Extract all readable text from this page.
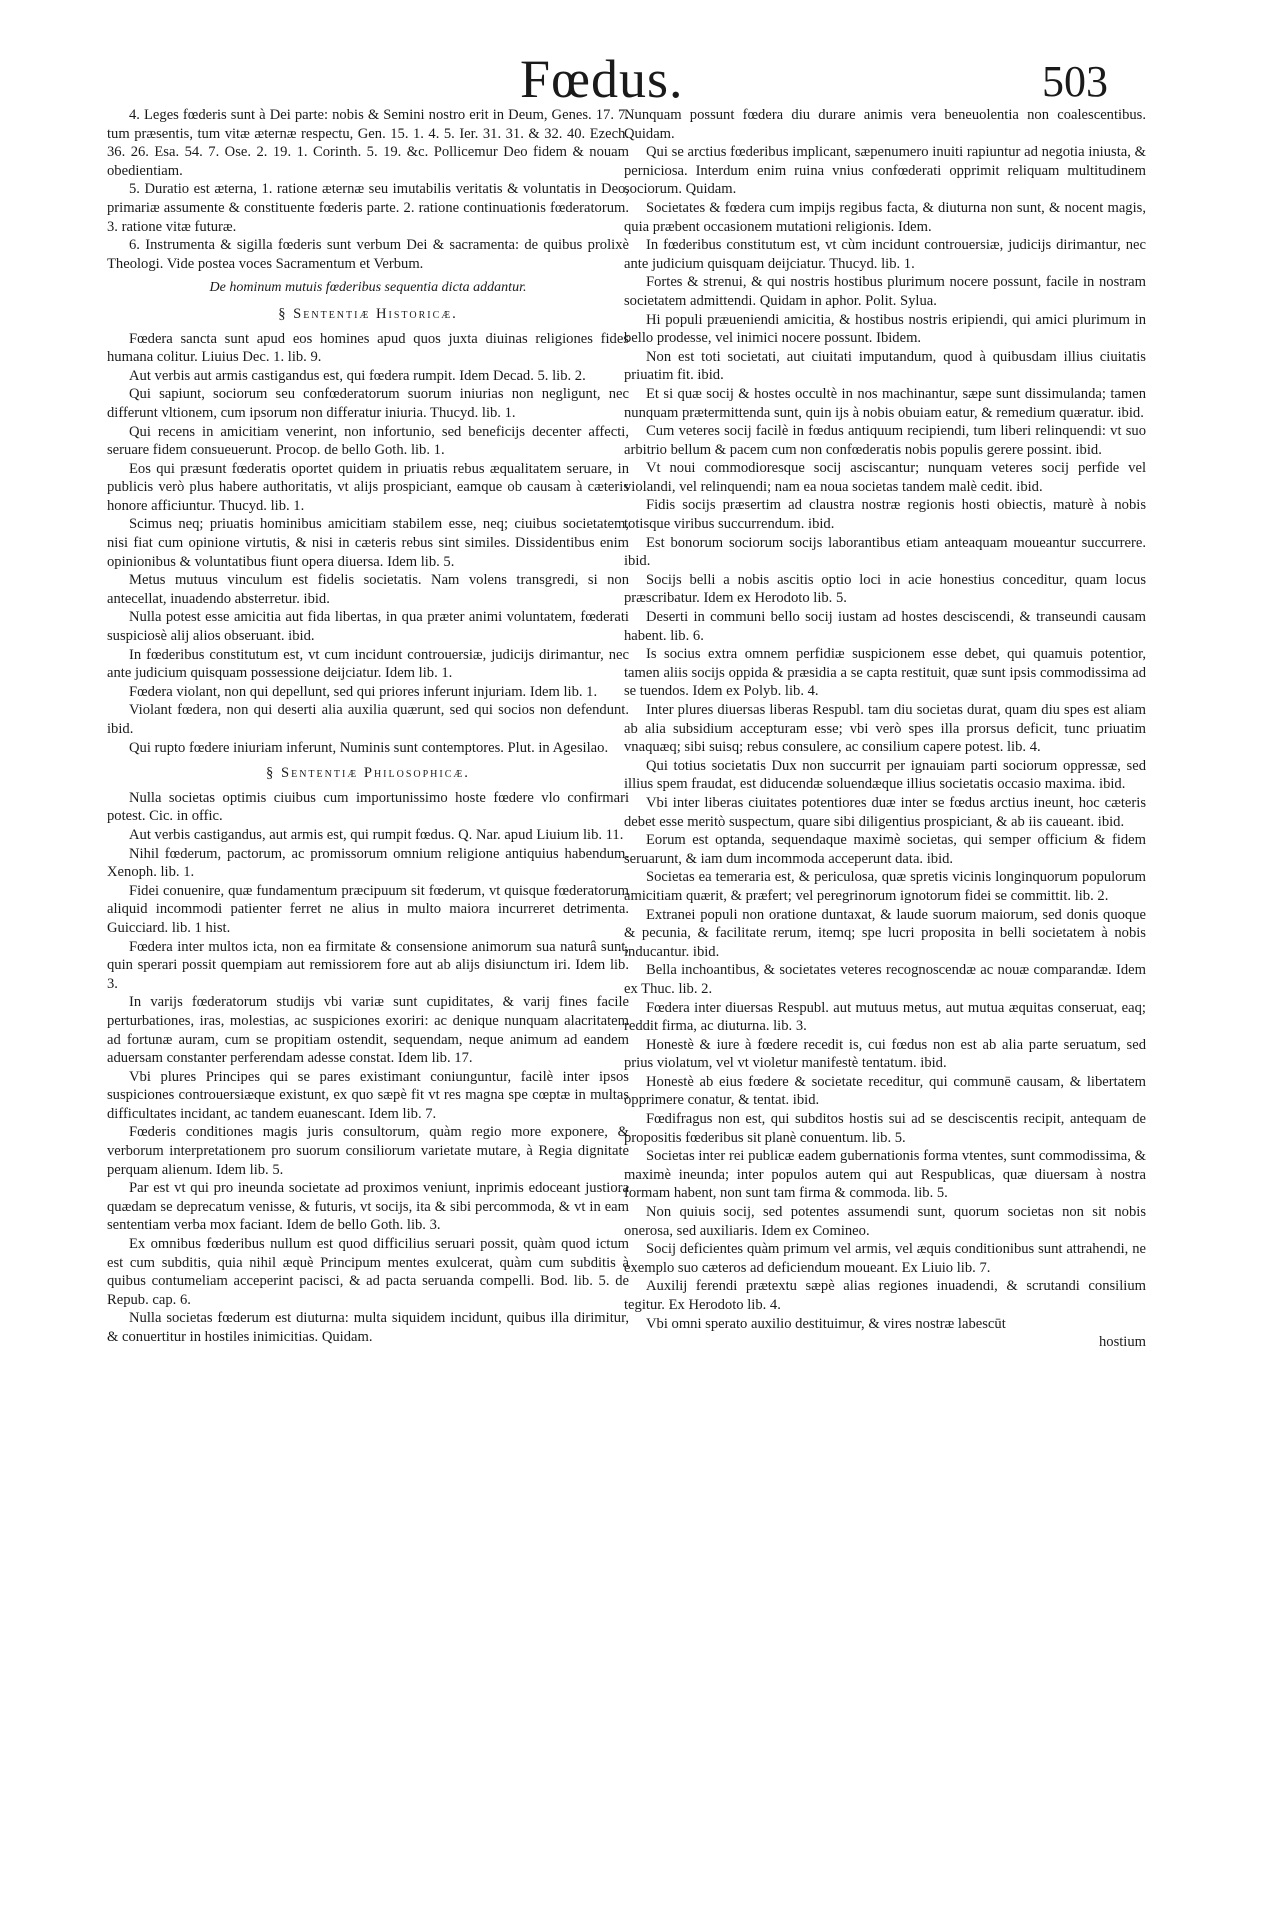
Fœdus.	503

4. Leges fœderis sunt à Dei parte: nobis & Semini nostro erit in Deum, Genes. 17. 7. tum præsentis, tum vitæ æternæ respectu, Gen. 15. 1. 4. 5. Ier. 31. 31. & 32. 40. Ezech. 36. 26. Esa. 54. 7. Ose. 2. 19. 1. Corinth. 5. 19. &c. Pollicemur Deo fidem & nouam obedientiam.

5. Duratio est æterna, 1. ratione æternæ seu imutabilis veritatis & voluntatis in Deo, primariæ assumente & constituente fœderis parte. 2. ratione continuationis fœderatorum. 3. ratione vitæ futuræ.

6. Instrumenta & sigilla fœderis sunt verbum Dei & sacramenta: de quibus prolixè Theologi. Vide postea voces Sacramentum et Verbum.

De hominum mutuis fœderibus sequentia dicta addantur.
§ Sententiæ Historicæ.

Fœdera sancta sunt apud eos homines apud quos juxta diuinas religiones fides humana colitur. Liuius Dec. 1. lib. 9.

Aut verbis aut armis castigandus est, qui fœdera rumpit. Idem Decad. 5. lib. 2.

Qui sapiunt, sociorum seu confœderatorum suorum iniurias non negligunt, nec differunt vltionem, cum ipsorum non differatur iniuria. Thucyd. lib. 1.

Qui recens in amicitiam venerint, non infortunio, sed beneficijs decenter affecti, seruare fidem consueuerunt. Procop. de bello Goth. lib. 1.

Eos qui præsunt fœderatis oportet quidem in priuatis rebus æqualitatem seruare, in publicis verò plus habere authoritatis, vt alijs prospiciant, eamque ob causam à cæteris honore afficiuntur. Thucyd. lib. 1.

Scimus neq; priuatis hominibus amicitiam stabilem esse, neq; ciuibus societatem, nisi fiat cum opinione virtutis, & nisi in cæteris rebus sint similes. Dissidentibus enim opinionibus & voluntatibus fiunt opera diuersa. Idem lib. 5.

Metus mutuus vinculum est fidelis societatis. Nam volens transgredi, si non antecellat, inuadendo absterretur. ibid.

Nulla potest esse amicitia aut fida libertas, in qua præter animi voluntatem, fœderati suspiciosè alij alios obseruant. ibid.

In fœderibus constitutum est, vt cum incidunt controuersiæ, judicijs dirimantur, nec ante judicium quisquam possessione deijciatur. Idem lib. 1.

Fœdera violant, non qui depellunt, sed qui priores inferunt injuriam. Idem lib. 1.

Violant fœdera, non qui deserti alia auxilia quærunt, sed qui socios non defendunt. ibid.

Qui rupto fœdere iniuriam inferunt, Numinis sunt contemptores. Plut. in Agesilao.

§ Sententiæ Philosophicæ.

Nulla societas optimis ciuibus cum importunissimo hoste fœdere vlo confirmari potest. Cic. in offic.

Aut verbis castigandus, aut armis est, qui rumpit fœdus. Q. Nar. apud Liuium lib. 11.

Nihil fœderum, pactorum, ac promissorum omnium religione antiquius habendum. Xenoph. lib. 1.

Fidei conuenire, quæ fundamentum præcipuum sit fœderum, vt quisque fœderatorum aliquid incommodi patienter ferret ne alius in multo maiora incurreret detrimenta. Guicciard. lib. 1 hist.

Fœdera inter multos icta, non ea firmitate & consensione animorum sua naturâ sunt, quin sperari possit quempiam aut remissiorem fore aut ab alijs disiunctum iri. Idem lib. 3.

In varijs fœderatorum studijs vbi variæ sunt cupiditates, & varij fines facile perturbationes, iras, molestias, ac suspiciones exoriri: ac denique nunquam alacritatem ad fortunæ auram, cum se propitiam ostendit, sequendam, neque animum ad eandem aduersam constanter perferendam adesse constat. Idem lib. 17.

Vbi plures Principes qui se pares existimant coniunguntur, facilè inter ipsos suspiciones controuersiæque existunt, ex quo sæpè fit vt res magna spe cœptæ in multas difficultates incidant, ac tandem euanescant. Idem lib. 7.

Fœderis conditiones magis juris consultorum, quàm regio more exponere, & verborum interpretationem pro suorum consiliorum varietate mutare, à Regia dignitate perquam alienum. Idem lib. 5.

Par est vt qui pro ineunda societate ad proximos veniunt, inprimis edoceant justiora quædam se deprecatum venisse, & futuris, vt socijs, ita & sibi percommoda, & vt in eam sententiam verba mox faciant. Idem de bello Goth. lib. 3.

Ex omnibus fœderibus nullum est quod difficilius seruari possit, quàm quod ictum est cum subditis, quia nihil æquè Principum mentes exulcerat, quàm cum subditis à quibus contumeliam acceperint pacisci, & ad pacta seruanda compelli. Bod. lib. 5. de Repub. cap. 6.

Nulla societas fœderum est diuturna: multa siquidem incidunt, quibus illa dirimitur, & conuertitur in hostiles inimicitias. Quidam.

Nunquam possunt fœdera diu durare animis vera beneuolentia non coalescentibus. Quidam.

Qui se arctius fœderibus implicant, sæpenumero inuiti rapiuntur ad negotia iniusta, & perniciosa. Interdum enim ruina vnius confœderati opprimit reliquam multitudinem sociorum. Quidam.

Societates & fœdera cum impijs regibus facta, & diuturna non sunt, & nocent magis, quia præbent occasionem mutationi religionis. Idem.

In fœderibus constitutum est, vt cùm incidunt controuersiæ, judicijs dirimantur, nec ante judicium quisquam deijciatur. Thucyd. lib. 1.

Fortes & strenui, & qui nostris hostibus plurimum nocere possunt, facile in nostram societatem admittendi. Quidam in aphor. Polit. Sylua.

Hi populi præueniendi amicitia, & hostibus nostris eripiendi, qui amici plurimum in bello prodesse, vel inimici nocere possunt. Ibidem.

Non est toti societati, aut ciuitati imputandum, quod à quibusdam illius ciuitatis priuatim fit. ibid.

Et si quæ socij & hostes occultè in nos machinantur, sæpe sunt dissimulanda; tamen nunquam prætermittenda sunt, quin ijs à nobis obuiam eatur, & remedium quæratur. ibid.

Cum veteres socij facilè in fœdus antiquum recipiendi, tum liberi relinquendi: vt suo arbitrio bellum & pacem cum non confœderatis nobis populis gerere possint. ibid.

Vt noui commodioresque socij asciscantur; nunquam veteres socij perfide vel violandi, vel relinquendi; nam ea noua societas tandem malè cedit. ibid.

Fidis socijs præsertim ad claustra nostræ regionis hosti obiectis, maturè à nobis totisque viribus succurrendum. ibid.

Est bonorum sociorum socijs laborantibus etiam anteaquam moueantur succurrere. ibid.

Socijs belli a nobis ascitis optio loci in acie honestius conceditur, quam locus præscribatur. Idem ex Herodoto lib. 5.

Deserti in communi bello socij iustam ad hostes desciscendi, & transeundi causam habent. lib. 6.

Is socius extra omnem perfidiæ suspicionem esse debet, qui quamuis potentior, tamen aliis socijs oppida & præsidia a se capta restituit, quæ sunt ipsis commodissima ad se tuendos. Idem ex Polyb. lib. 4.

Inter plures diuersas liberas Respubl. tam diu societas durat, quam diu spes est aliam ab alia subsidium accepturam esse; vbi verò spes illa prorsus deficit, tunc priuatim vnaquæq; sibi suisq; rebus consulere, ac consilium capere potest. lib. 4.

Qui totius societatis Dux non succurrit per ignauiam parti sociorum oppressæ, sed illius spem fraudat, est diducendæ soluendæque illius societatis occasio maxima. ibid.

Vbi inter liberas ciuitates potentiores duæ inter se fœdus arctius ineunt, hoc cæteris debet esse meritò suspectum, quare sibi diligentius prospiciant, & ab iis caueant. ibid.

Eorum est optanda, sequendaque maximè societas, qui semper officium & fidem seruarunt, & iam dum incommoda acceperunt data. ibid.

Societas ea temeraria est, & periculosa, quæ spretis vicinis longinquorum populorum amicitiam quærit, & præfert; vel peregrinorum ignotorum fidei se committit. lib. 2.

Extranei populi non oratione duntaxat, & laude suorum maiorum, sed donis quoque & pecunia, & facilitate rerum, itemq; spe lucri proposita in belli societatem à nobis inducantur. ibid.

Bella inchoantibus, & societates veteres recognoscendæ ac nouæ comparandæ. Idem ex Thuc. lib. 2.

Fœdera inter diuersas Respubl. aut mutuus metus, aut mutua æquitas conseruat, eaq; reddit firma, ac diuturna. lib. 3.

Honestè & iure à fœdere recedit is, cui fœdus non est ab alia parte seruatum, sed prius violatum, vel vt violetur manifestè tentatum. ibid.

Honestè ab eius fœdere & societate receditur, qui communē causam, & libertatem opprimere conatur, & tentat. ibid.

Fœdifragus non est, qui subditos hostis sui ad se desciscentis recipit, antequam de propositis fœderibus sit planè conuentum. lib. 5.

Societas inter rei publicæ eadem gubernationis forma vtentes, sunt commodissima, & maximè ineunda; inter populos autem qui aut Respublicas, quæ diuersam à nostra formam habent, non sunt tam firma & commoda. lib. 5.

Non quiuis socij, sed potentes assumendi sunt, quorum societas non sit nobis onerosa, sed auxiliaris. Idem ex Comineo.

Socij deficientes quàm primum vel armis, vel æquis conditionibus sunt attrahendi, ne exemplo suo cæteros ad deficiendum moueant. Ex Liuio lib. 7.

Auxilij ferendi prætextu sæpè alias regiones inuadendi, & scrutandi consilium tegitur. Ex Herodoto lib. 4.

Vbi omni sperato auxilio destituimur, & vires nostræ labescūt

hostium
